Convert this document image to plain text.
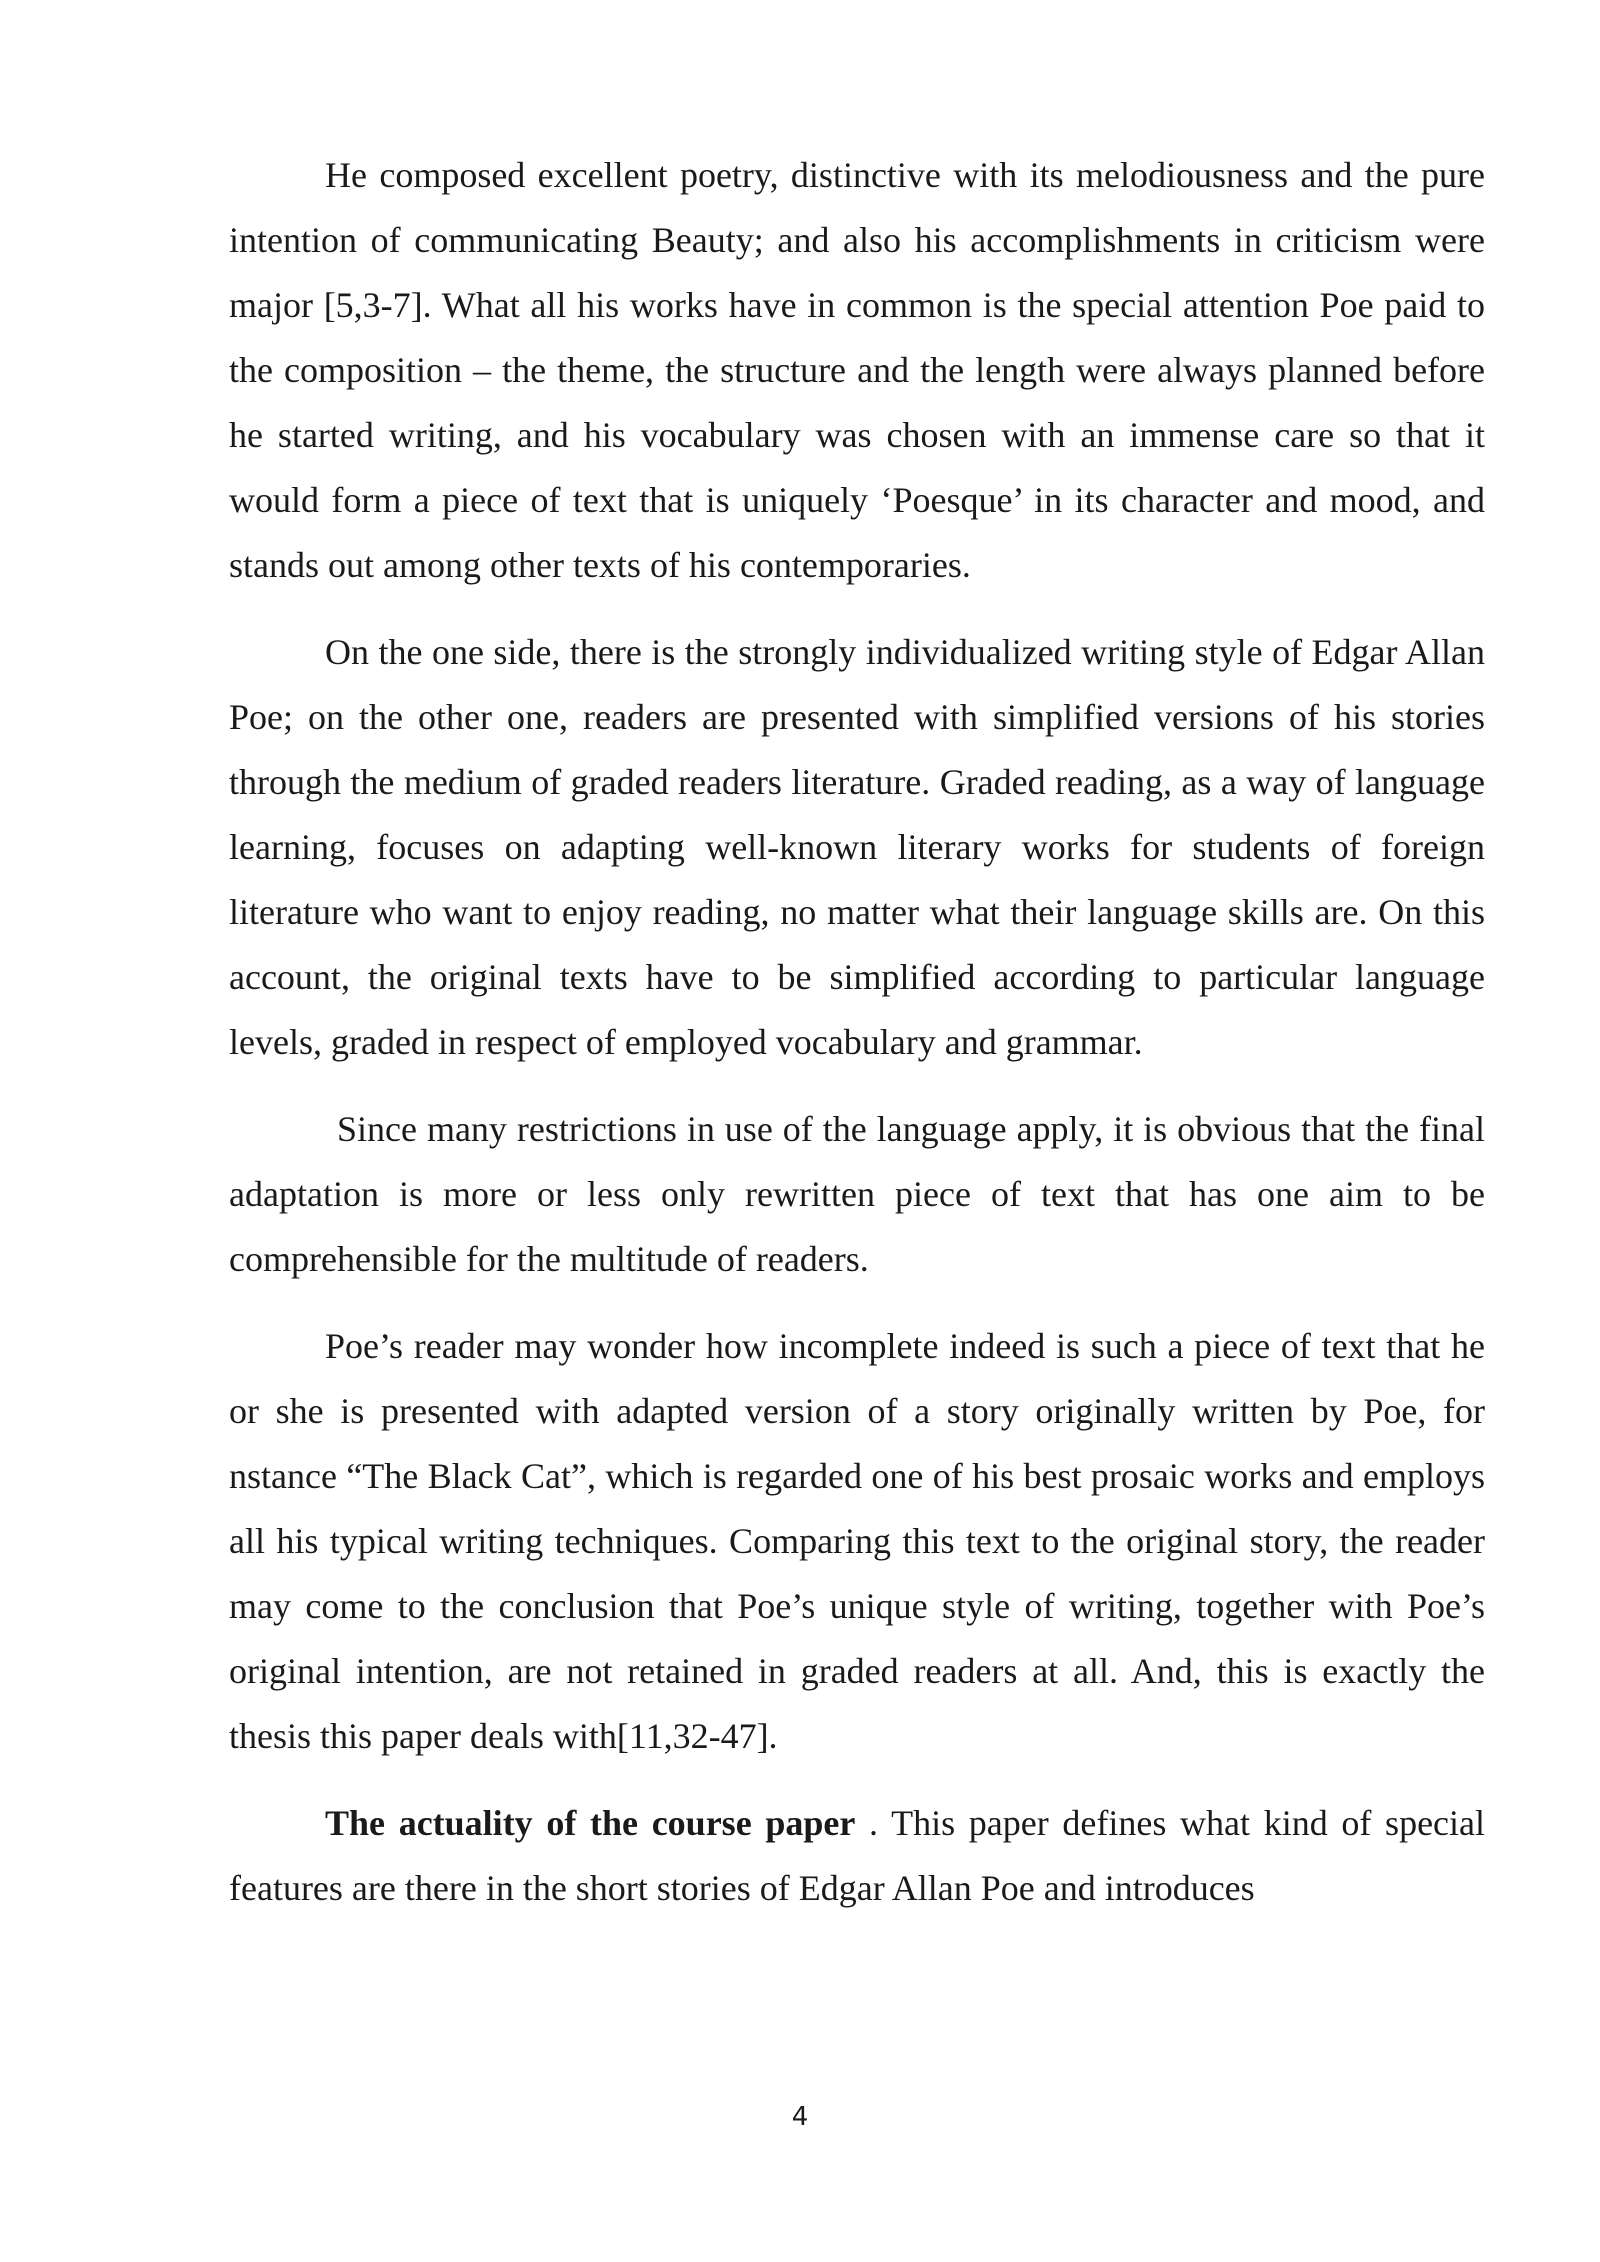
He composed excellent poetry, distinctive with its melodiousness and the pure intention of communicating Beauty; and also his accomplishments in criticism were major [5,3-7]. What all his works have in common is the special attention Poe paid to the composition – the theme, the structure and the length were always planned before he started writing, and his vocabulary was chosen with an immense care so that it would form a piece of text that is uniquely ‘Poesque’ in its character and mood, and stands out among other texts of his contemporaries.

On the one side, there is the strongly individualized writing style of Edgar Allan Poe; on the other one, readers are presented with simplified versions of his stories through the medium of graded readers literature. Graded reading, as a way of language learning, focuses on adapting well-known literary works for students of foreign literature who want to enjoy reading, no matter what their language skills are. On this account, the original texts have to be simplified according to particular language levels, graded in respect of employed vocabulary and grammar.

Since many restrictions in use of the language apply, it is obvious that the final adaptation is more or less only rewritten piece of text that has one aim to be comprehensible for the multitude of readers.

Poe’s reader may wonder how incomplete indeed is such a piece of text that he or she is presented with adapted version of a story originally written by Poe, for nstance “The Black Cat”, which is regarded one of his best prosaic works and employs all his typical writing techniques. Comparing this text to the original story, the reader may come to the conclusion that Poe’s unique style of writing, together with Poe’s original intention, are not retained in graded readers at all. And, this is exactly the thesis this paper deals with[11,32-47].

The actuality of the course paper . This paper defines what kind of special features are there in the short stories of Edgar Allan Poe and introduces

4
